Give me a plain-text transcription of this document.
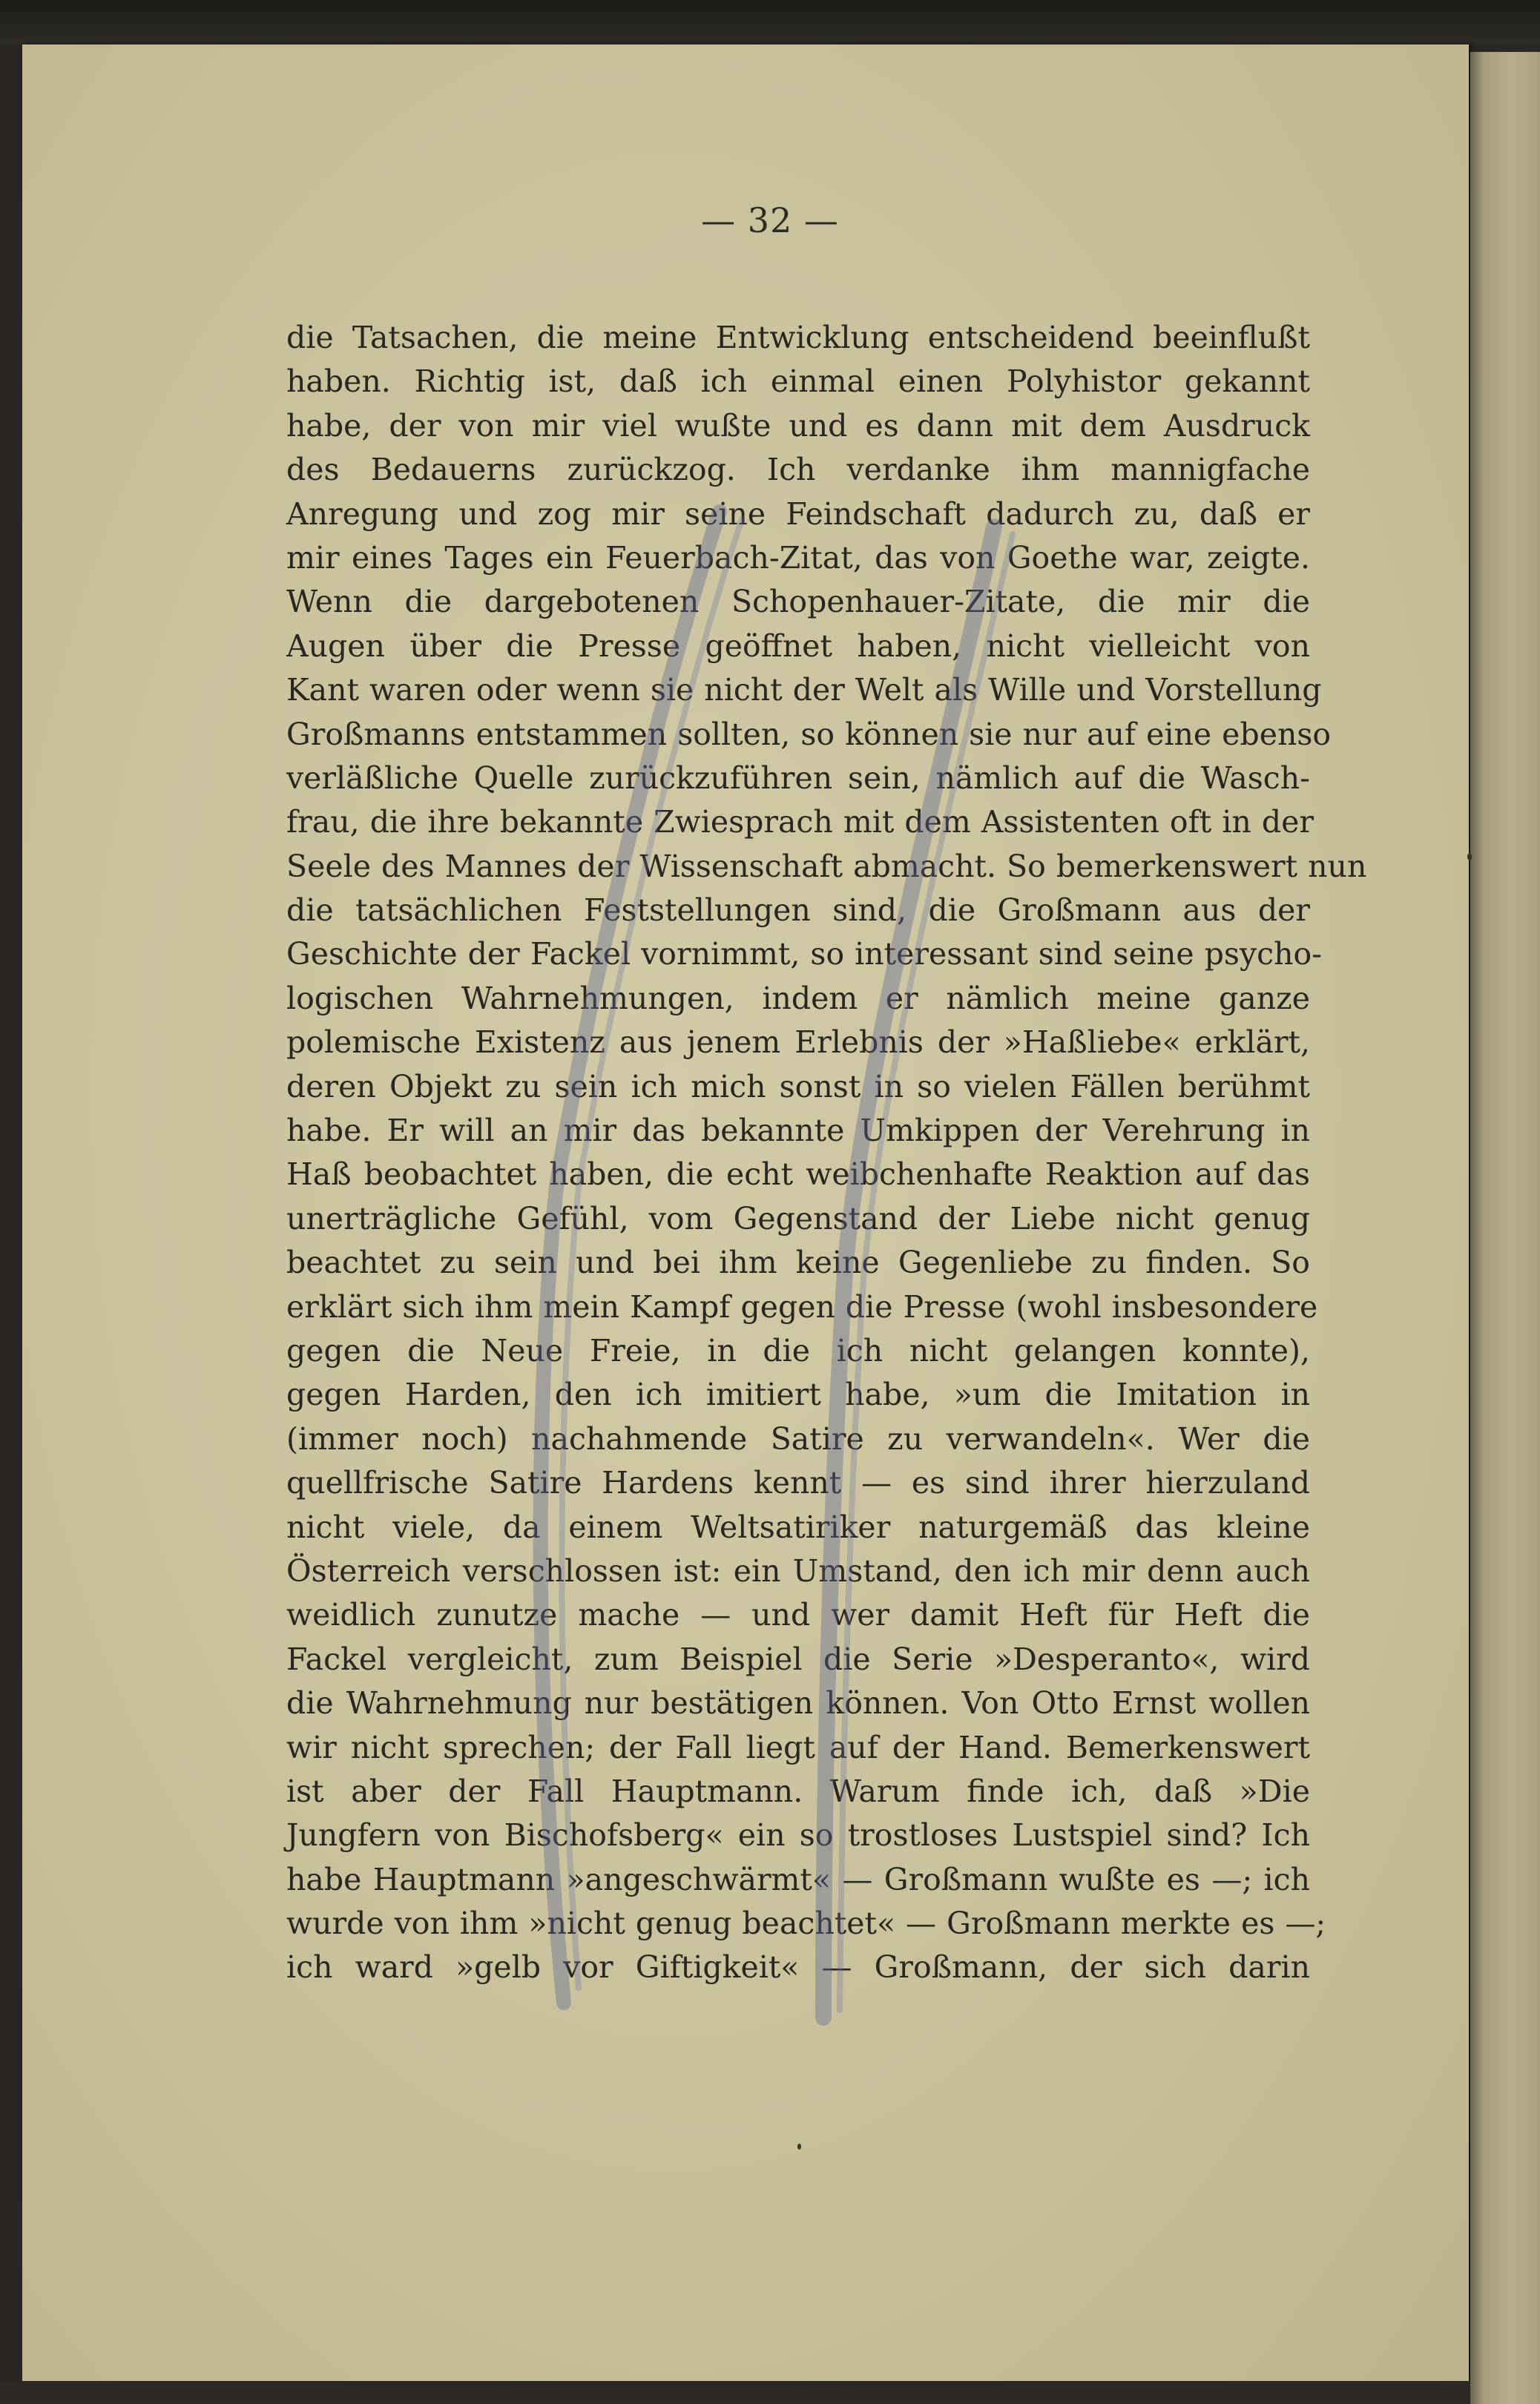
— 32 —
die Tatsachen, die meine Entwicklung entscheidend beeinflußt
haben. Richtig ist, daß ich einmal einen Polyhistor gekannt
habe, der von mir viel wußte und es dann mit dem Ausdruck
des Bedauerns zurückzog. Ich verdanke ihm mannigfache
Anregung und zog mir seine Feindschaft dadurch zu, daß er
mir eines Tages ein Feuerbach-Zitat, das von Goethe war, zeigte.
Wenn die dargebotenen Schopenhauer-Zitate, die mir die
Augen über die Presse geöffnet haben, nicht vielleicht von
Kant waren oder wenn sie nicht der Welt als Wille und Vorstellung
Großmanns entstammen sollten, so können sie nur auf eine ebenso
verläßliche Quelle zurückzuführen sein, nämlich auf die Wasch-
frau, die ihre bekannte Zwiesprach mit dem Assistenten oft in der
Seele des Mannes der Wissenschaft abmacht. So bemerkenswert nun
die tatsächlichen Feststellungen sind, die Großmann aus der
Geschichte der Fackel vornimmt, so interessant sind seine psycho-
logischen Wahrnehmungen, indem er nämlich meine ganze
polemische Existenz aus jenem Erlebnis der »Haßliebe« erklärt,
deren Objekt zu sein ich mich sonst in so vielen Fällen berühmt
habe. Er will an mir das bekannte Umkippen der Verehrung in
Haß beobachtet haben, die echt weibchenhafte Reaktion auf das
unerträgliche Gefühl, vom Gegenstand der Liebe nicht genug
beachtet zu sein und bei ihm keine Gegenliebe zu finden. So
erklärt sich ihm mein Kampf gegen die Presse (wohl insbesondere
gegen die Neue Freie, in die ich nicht gelangen konnte),
gegen Harden, den ich imitiert habe, »um die Imitation in
(immer noch) nachahmende Satire zu verwandeln«. Wer die
quellfrische Satire Hardens kennt — es sind ihrer hierzuland
nicht viele, da einem Weltsatiriker naturgemäß das kleine
Österreich verschlossen ist: ein Umstand, den ich mir denn auch
weidlich zunutze mache — und wer damit Heft für Heft die
Fackel vergleicht, zum Beispiel die Serie »Desperanto«, wird
die Wahrnehmung nur bestätigen können. Von Otto Ernst wollen
wir nicht sprechen; der Fall liegt auf der Hand. Bemerkenswert
ist aber der Fall Hauptmann. Warum finde ich, daß »Die
Jungfern von Bischofsberg« ein so trostloses Lustspiel sind? Ich
habe Hauptmann »angeschwärmt« — Großmann wußte es —; ich
wurde von ihm »nicht genug beachtet« — Großmann merkte es —;
ich ward »gelb vor Giftigkeit« — Großmann, der sich darin
